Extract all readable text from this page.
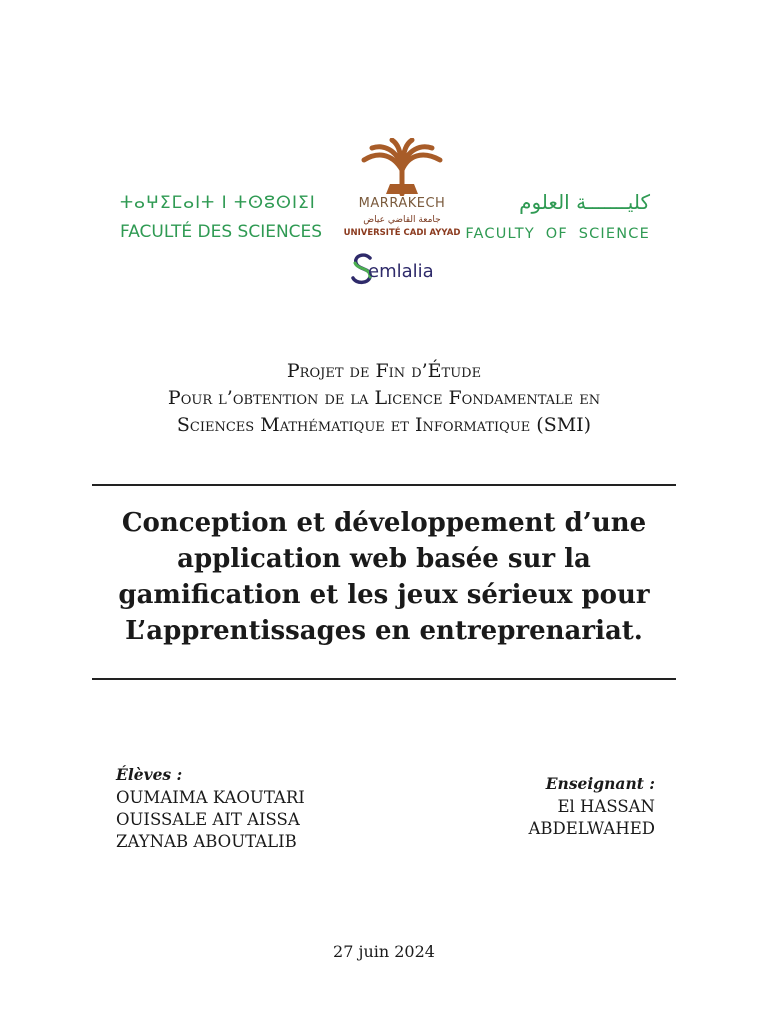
ⵜⴰⵖⵉⵎⴰⵏⵜ ⵏ ⵜⵙⵓⵙⵏⵉⵏ
FACULTÉ DES SCIENCES
MARRAKECH
جامعة القاضي عياض
UNIVERSITÉ CADI AYYAD
emlalia
كليـــــــة العلوم
FACULTY OF SCIENCE
Projet de Fin d’Étude
Pour l’obtention de la Licence Fondamentale en
Sciences Mathématique et Informatique (SMI)
Conception et développement d’une
application web basée sur la
gamification et les jeux sérieux pour
L’apprentissages en entreprenariat.
Élèves :
OUMAIMA KAOUTARI
OUISSALE AIT AISSA
ZAYNAB ABOUTALIB
Enseignant :
El HASSAN
ABDELWAHED
27 juin 2024
